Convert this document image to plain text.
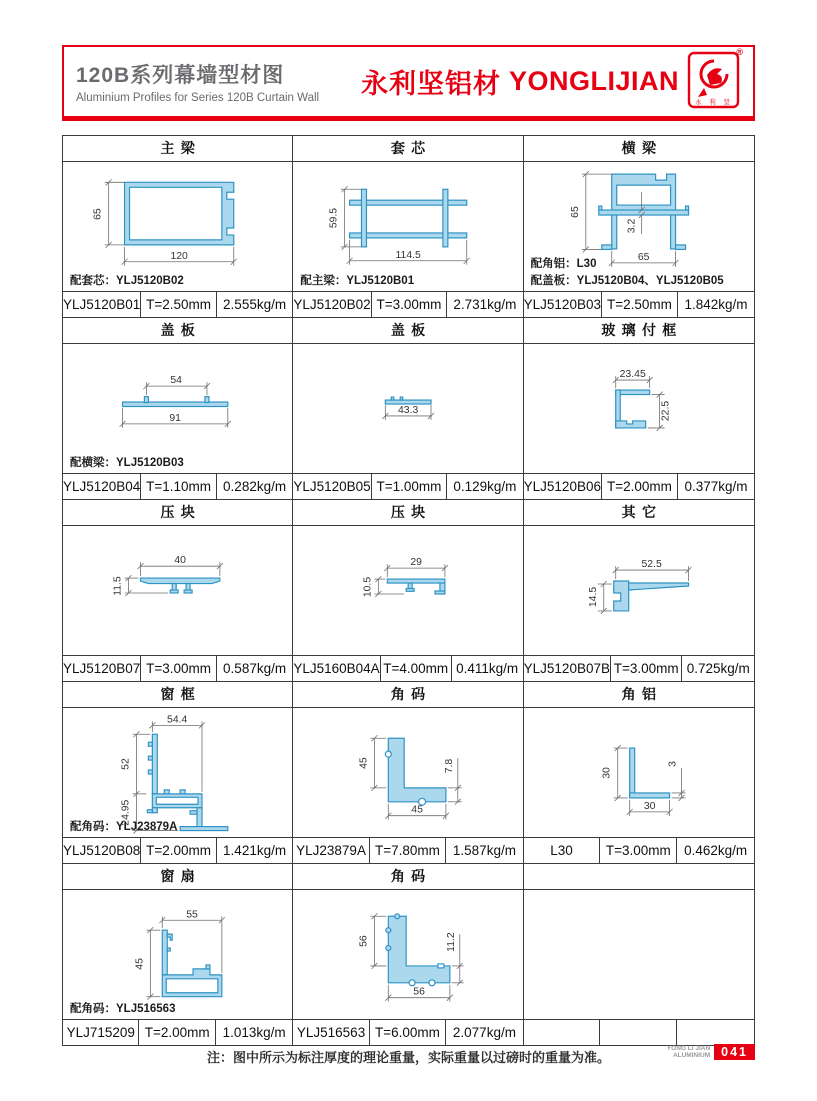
120B系列幕墙型材图
Aluminium Profiles for Series 120B Curtain Wall 永利坚铝材 YONGLIJIAN
永 利 坚
®
主梁
65
120
配套芯：YLJ5120B02
YLJ5120B01 T=2.50mm 2.555kg/m
套芯
59.5
114.5
配主梁：YLJ5120B01
YLJ5120B02 T=3.00mm 2.731kg/m
横梁
65
3.2
65
配角铝：L30
配盖板：YLJ5120B04、YLJ5120B05
YLJ5120B03 T=2.50mm 1.842kg/m
盖板
54
91
配横梁：YLJ5120B03
YLJ5120B04 T=1.10mm 0.282kg/m
盖板
43.3
YLJ5120B05 T=1.00mm 0.129kg/m
玻璃付框
23.45
22.5
YLJ5120B06 T=2.00mm 0.377kg/m
压块
40
11.5
YLJ5120B07 T=3.00mm 0.587kg/m
压块
29
10.5
YLJ5160B04A T=4.00mm 0.411kg/m
其它
52.5
14.5
YLJ5120B07B T=3.00mm 0.725kg/m
窗框
54.4
52
24.95
配角码：YLJ23879A
YLJ5120B08 T=2.00mm 1.421kg/m
角码
45	7.8
45
YLJ23879A T=7.80mm 1.587kg/m
角铝
30
3
30
L30	T=3.00mm 0.462kg/m
窗扇
55
45
配角码：YLJ516563
YLJ715209 T=2.00mm 1.013kg/m
角码
56	11.2
56
YLJ516563 T=6.00mm 2.077kg/m
注：图中所示为标注厚度的理论重量，实际重量以过磅时的重量为准。
YONG LI JIAN
ALUMINIUM 041
